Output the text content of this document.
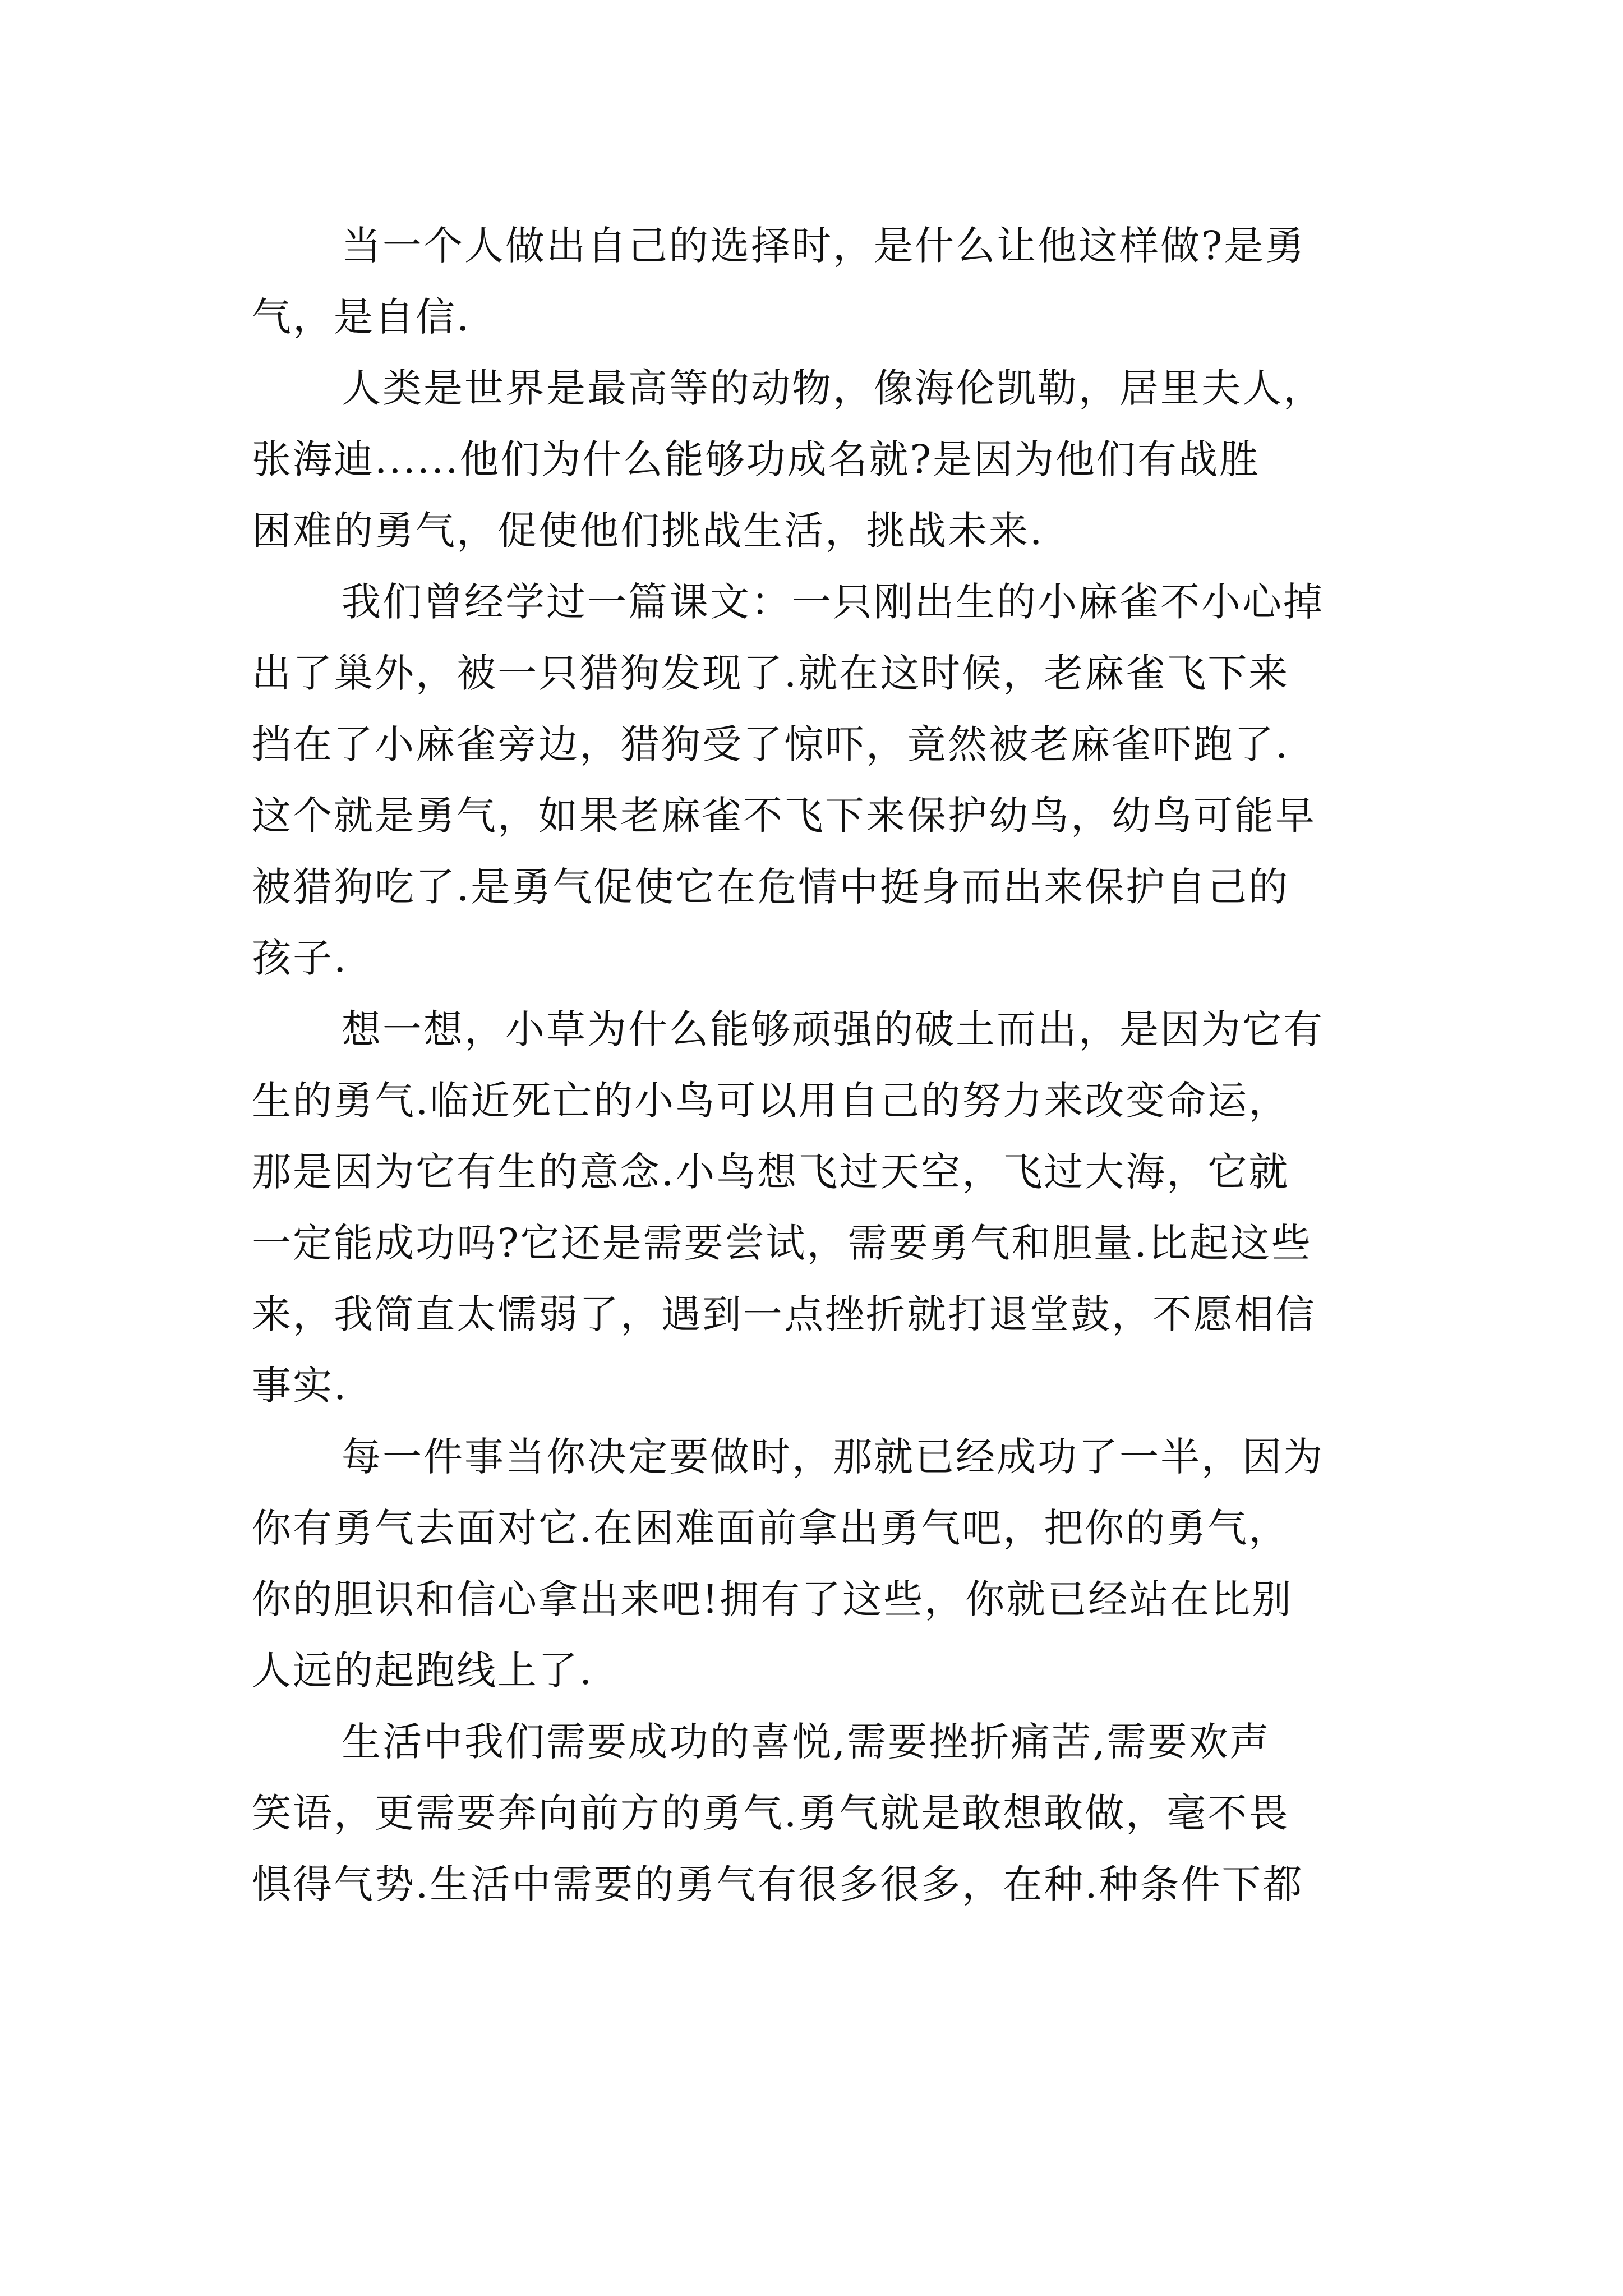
当一个人做出自己的选择时，是什么让他这样做?是勇
气，是自信.

人类是世界是最高等的动物，像海伦凯勒，居里夫人，
张海迪......他们为什么能够功成名就?是因为他们有战胜
困难的勇气，促使他们挑战生活，挑战未来.

我们曾经学过一篇课文：一只刚出生的小麻雀不小心掉
出了巢外，被一只猎狗发现了.就在这时候，老麻雀飞下来
挡在了小麻雀旁边，猎狗受了惊吓，竟然被老麻雀吓跑了.
这个就是勇气，如果老麻雀不飞下来保护幼鸟，幼鸟可能早
被猎狗吃了.是勇气促使它在危情中挺身而出来保护自己的
孩子.

想一想，小草为什么能够顽强的破土而出，是因为它有
生的勇气.临近死亡的小鸟可以用自己的努力来改变命运，
那是因为它有生的意念.小鸟想飞过天空，飞过大海，它就
一定能成功吗?它还是需要尝试，需要勇气和胆量.比起这些
来，我简直太懦弱了，遇到一点挫折就打退堂鼓，不愿相信
事实.

每一件事当你决定要做时，那就已经成功了一半，因为
你有勇气去面对它.在困难面前拿出勇气吧，把你的勇气，
你的胆识和信心拿出来吧!拥有了这些，你就已经站在比别
人远的起跑线上了.

生活中我们需要成功的喜悦,需要挫折痛苦,需要欢声
笑语，更需要奔向前方的勇气.勇气就是敢想敢做，毫不畏
惧得气势.生活中需要的勇气有很多很多，在种.种条件下都
